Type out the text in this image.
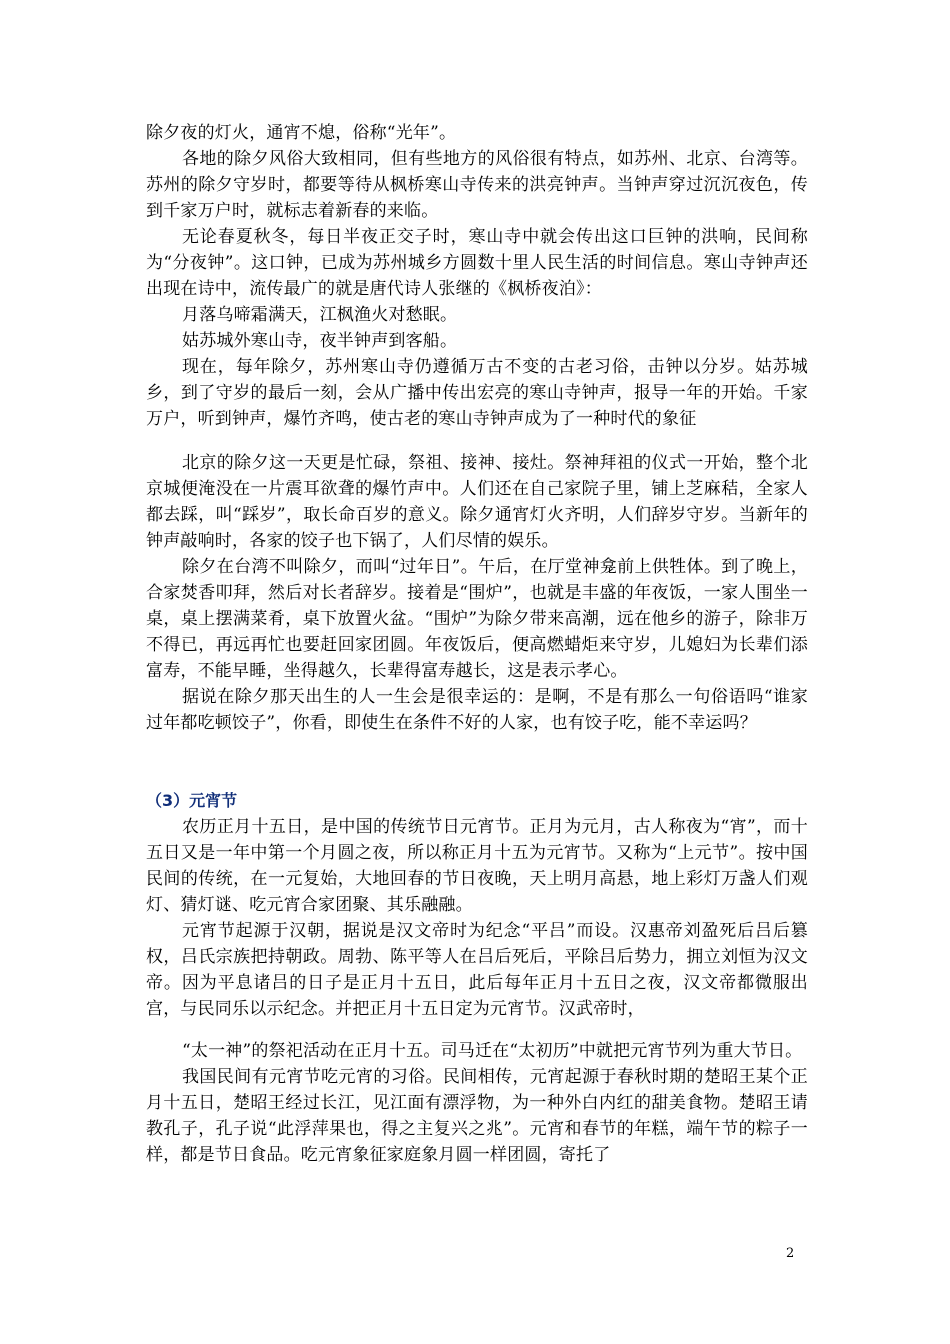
除夕夜的灯火，通宵不熄，俗称“光年”。

各地的除夕风俗大致相同，但有些地方的风俗很有特点，如苏州、北京、台湾等。苏州的除夕守岁时，都要等待从枫桥寒山寺传来的洪亮钟声。当钟声穿过沉沉夜色，传到千家万户时，就标志着新春的来临。

无论春夏秋冬，每日半夜正交子时，寒山寺中就会传出这口巨钟的洪响，民间称为“分夜钟”。这口钟，已成为苏州城乡方圆数十里人民生活的时间信息。寒山寺钟声还出现在诗中，流传最广的就是唐代诗人张继的《枫桥夜泊》：

月落乌啼霜满天，江枫渔火对愁眠。

姑苏城外寒山寺，夜半钟声到客船。

现在，每年除夕，苏州寒山寺仍遵循万古不变的古老习俗，击钟以分岁。姑苏城乡，到了守岁的最后一刻，会从广播中传出宏亮的寒山寺钟声，报导一年的开始。千家万户，听到钟声，爆竹齐鸣，使古老的寒山寺钟声成为了一种时代的象征

北京的除夕这一天更是忙碌，祭祖、接神、接灶。祭神拜祖的仪式一开始，整个北京城便淹没在一片震耳欲聋的爆竹声中。人们还在自己家院子里，铺上芝麻秸，全家人都去踩，叫“踩岁”，取长命百岁的意义。除夕通宵灯火齐明，人们辞岁守岁。当新年的钟声敲响时，各家的饺子也下锅了，人们尽情的娱乐。

除夕在台湾不叫除夕，而叫“过年日”。午后，在厅堂神龛前上供牲体。到了晚上，合家焚香叩拜，然后对长者辞岁。接着是“围炉”，也就是丰盛的年夜饭，一家人围坐一桌，桌上摆满菜肴，桌下放置火盆。“围炉”为除夕带来高潮，远在他乡的游子，除非万不得已，再远再忙也要赶回家团圆。年夜饭后，便高燃蜡炬来守岁，儿媳妇为长辈们添富寿，不能早睡，坐得越久，长辈得富寿越长，这是表示孝心。

据说在除夕那天出生的人一生会是很幸运的：是啊，不是有那么一句俗语吗“谁家过年都吃顿饺子”，你看，即使生在条件不好的人家，也有饺子吃，能不幸运吗？

（3）元宵节

农历正月十五日，是中国的传统节日元宵节。正月为元月，古人称夜为“宵”，而十五日又是一年中第一个月圆之夜，所以称正月十五为元宵节。又称为“上元节”。按中国民间的传统，在一元复始，大地回春的节日夜晚，天上明月高悬，地上彩灯万盏人们观灯、猜灯谜、吃元宵合家团聚、其乐融融。

元宵节起源于汉朝，据说是汉文帝时为纪念“平吕”而设。汉惠帝刘盈死后吕后篡权，吕氏宗族把持朝政。周勃、陈平等人在吕后死后，平除吕后势力，拥立刘恒为汉文帝。因为平息诸吕的日子是正月十五日，此后每年正月十五日之夜，汉文帝都微服出宫，与民同乐以示纪念。并把正月十五日定为元宵节。汉武帝时，

“太一神”的祭祀活动在正月十五。司马迁在“太初历”中就把元宵节列为重大节日。

我国民间有元宵节吃元宵的习俗。民间相传，元宵起源于春秋时期的楚昭王某个正月十五日，楚昭王经过长江，见江面有漂浮物，为一种外白内红的甜美食物。楚昭王请教孔子，孔子说“此浮萍果也，得之主复兴之兆”。元宵和春节的年糕，端午节的粽子一样，都是节日食品。吃元宵象征家庭象月圆一样团圆，寄托了

2
